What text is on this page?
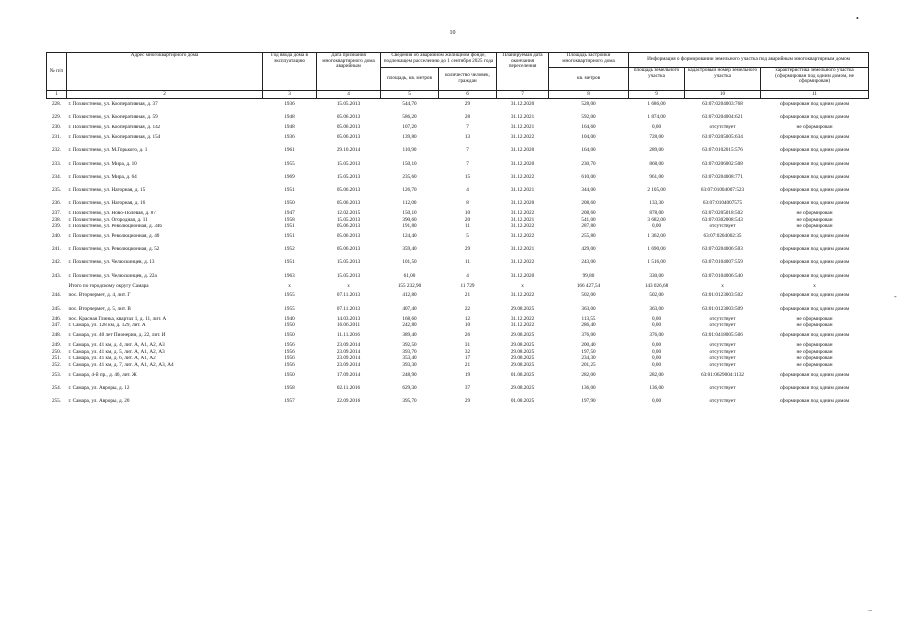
10
•
-
−
№ п/п	Адрес многоквартирного дома	Год ввода дома в эксплуатацию	Дата признания многоквартирного дома аварийным	Сведения об аварийном жилищном фонде, подлежащем расселению до 1 сентября 2025 года		Планируемая дата окончания переселения	Площадь застройки многоквартирного дома	Информация о формировании земельного участка под аварийным многоквартирным домом		
								площадь земельного участка	кадастровый номер земельного участка	характеристика земельного участка (сформирован под одним домом, не сформирован)
				площадь, кв. метров	количество человек, граждан		кв. метров			
1	2	3	4	5	6	7	8	9	10	11
228.	г. Похвистнево, ул. Кооперативная, д. 37	1936	15.05.2013	544,70	29	31.12.2020	528,00	1 686,00	63:07:0204003:768	сформирован под одним домом
229.	г. Похвистнево, ул. Кооперативная, д. 59	1948	05.06.2013	586,20	28	31.12.2021	592,00	1 874,00	63:07:0204004:621	сформирован под одним домом
230.	г. Похвистнево, ул. Кооперативная, д. 142	1948	05.06.2013	107,20	7	31.12.2021	164,60	0,00	отсутствует	не сформирован
231.	г. Похвистнево, ул. Кооперативная, д. 154	1936	05.06.2013	139,80	13	31.12.2022	104,00	728,00	63:07:0205005:634	сформирован под одним домом
232.	г. Похвистнево, ул. М.Горького, д. 1	1961	29.10.2014	110,90	7	31.12.2020	164,00	289,00	63:07:0102015:576	сформирован под одним домом
233.	г. Похвистнево, ул. Мира, д. 10	1955	15.05.2013	150,10	7	31.12.2020	230,70	868,00	63:07:0206002:508	сформирован под одним домом
234.	г. Похвистнево, ул. Мира, д. 64	1969	15.05.2013	235,60	15	31.12.2022	610,00	961,00	63:07:0204008:771	сформирован под одним домом
235.	г. Похвистнево, ул. Нагорная, д. 15	1951	05.06.2013	126,70	4	31.12.2021	344,00	2 105,00	63:07:01004007:523	сформирован под одним домом
236.	г. Похвистнево, ул. Нагорная, д. 16	1950	05.06.2013	112,00	8	31.12.2020	208,60	133,30	63:07:0104007575	сформирован под одним домом
237.	г. Похвистнево, ул. Ново-Полевая, д. 87	1947	12.02.2015	150,10	10	31.12.2022	208,60	878,00	63:07:0205018:502	не сформирован
238.	г. Похвистнево, ул. Огородная, д. 11	1958	15.05.2013	390,60	20	31.12.2021	541,00	3 682,00	63:07:0302008:543	не сформирован
239.	г. Похвистнево, ул. Революционная, д. 34б	1951	05.06.2013	191,80	11	31.12.2022	287,80	0,00	отсутствует	не сформирован
240.	г. Похвистнево, ул. Революционная, д. 40	1951	05.06.2013	124,40	5	31.12.2022	255,80	1 362,00	63:07:0204002:35	сформирован под одним домом
241.	г. Похвистнево, ул. Революционная, д. 52	1952	05.06.2013	359,40	29	31.12.2021	429,00	1 690,00	63:07:0204006:503	сформирован под одним домом
242.	г. Похвистнево, ул. Челюскинцев, д. 13	1951	15.05.2013	101,50	11	31.12.2022	243,00	1 516,00	63:07:0104007:559	сформирован под одним домом
243.	г. Похвистнево, ул. Челюскинцев, д. 22а	1963	15.05.2013	61,00	4	31.12.2020	99,80	330,00	63:07:0104006:540	сформирован под одним домом
	Итого по городскому округу Самара	x	x	155 232,90	11 729	x	166 427,54	143 026,68	x	x
244.	пос. Вторчермет, д. 4, лит. Г	1955	07.11.2013	412,80	21	31.12.2022	502,00	502,00	63:01:0123003:502	сформирован под одним домом
245.	пос. Вторчермет, д. 5, лит. В	1955	07.11.2013	407,40	22	29.08.2025	363,00	363,00	63:01:0123003:509	сформирован под одним домом
246.	пос. Красная Глинка, квартал 1, д. 11, лит. А	1940	14.03.2013	168,60	12	31.12.2022	113,55	0,00	отсутствует	не сформирован
247.	г. Самара, ул. 128 км, д. 129, лит. А	1950	16.06.2011	242,80	10	31.12.2022	286,40	0,00	отсутствует	не сформирован
248.	г. Самара, ул. 40 лет Пионерии, д. 22, лит. И	1950	11.11.2016	389,40	26	29.08.2025	376,00	376,00	63:01:0418005:506	сформирован под одним домом
249.	г. Самара, ул. 41 км, д. 4, лит. А, А1, А2, А3	1956	23.09.2014	392,50	31	29.08.2025	200,40	0,00	отсутствует	не сформирован
250.	г. Самара, ул. 41 км, д. 5, лит. А, А1, А2, А3	1956	23.09.2014	393,70	32	29.08.2025	197,50	0,00	отсутствует	не сформирован
251.	г. Самара, ул. 41 км, д. 6, лит. А, А1, А2	1956	23.09.2014	353,40	17	29.08.2025	234,30	0,00	отсутствует	не сформирован
252.	г. Самара, ул. 41 км, д. 7, лит. А, А1, А2, А3, А4	1956	23.09.2014	393,30	21	29.08.2025	201,25	0,00	отсутствует	не сформирован
253.	г. Самара, 4-й пр., д. 46, лит. Ж	1950	17.09.2014	248,90	19	01.08.2025	282,00	282,00	63:01:0629004:1132	сформирован под одним домом
254.	г. Самара, ул. Авроры, д. 12	1958	02.11.2016	629,30	37	29.08.2025	136,00	136,00	отсутствует	сформирован под одним домом
255.	г. Самара, ул. Авроры, д. 20	1957	22.09.2016	395,70	29	01.08.2025	197,90	0,00	отсутствует	сформирован под одним домом
